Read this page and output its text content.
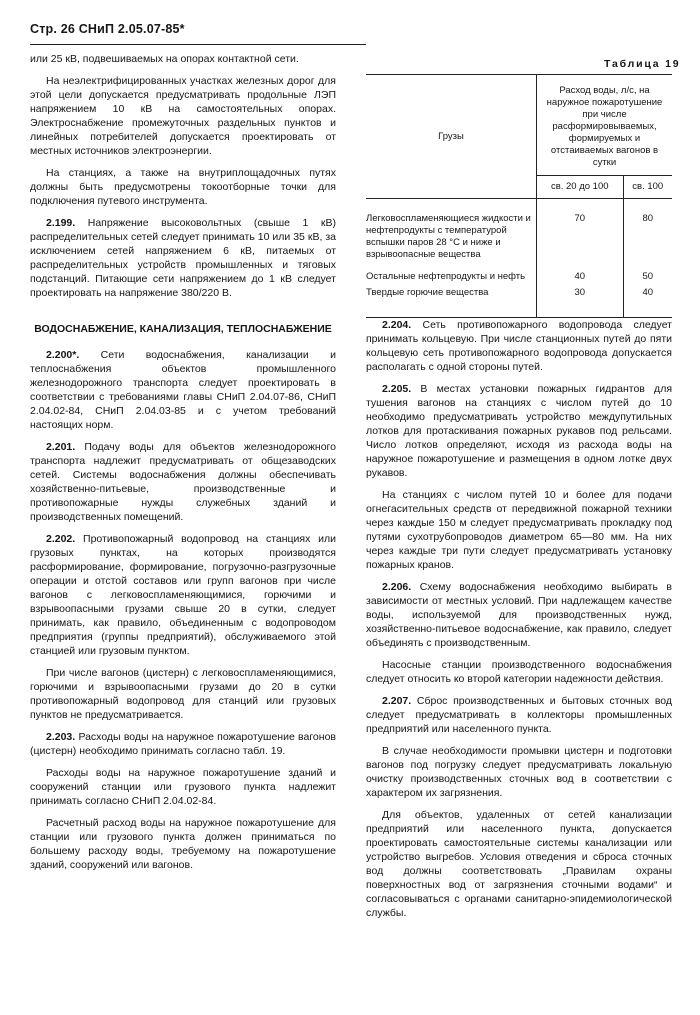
Стр. 26 СНиП 2.05.07-85*

или 25 кВ, подвешиваемых на опорах контактной сети.

На неэлектрифицированных участках железных дорог для этой цели допускается предусматривать продольные ЛЭП напряжением 10 кВ на самостоятельных опорах. Электроснабжение промежуточных раздельных пунктов и линейных потребителей допускается проектировать от местных источников электроэнергии.

На станциях, а также на внутриплощадочных путях должны быть предусмотрены токоотборные точки для подключения путевого инструмента.

2.199. Напряжение высоковольтных (свыше 1 кВ) распределительных сетей следует принимать 10 или 35 кВ, за исключением сетей напряжением 6 кВ, питаемых от распределительных устройств промышленных и тяговых подстанций. Питающие сети напряжением до 1 кВ следует проектировать на напряжение 380/220 В.

ВОДОСНАБЖЕНИЕ, КАНАЛИЗАЦИЯ, ТЕПЛОСНАБЖЕНИЕ

2.200*. Сети водоснабжения, канализации и теплоснабжения объектов промышленного железнодорожного транспорта следует проектировать в соответствии с требованиями главы СНиП 2.04.07-86, СНиП 2.04.02-84, СНиП 2.04.03-85 и с учетом требований настоящих норм.

2.201. Подачу воды для объектов железнодорожного транспорта надлежит предусматривать от общезаводских сетей. Системы водоснабжения должны обеспечивать хозяйственно-питьевые, производственные и противопожарные нужды служебных зданий и производственных помещений.

2.202. Противопожарный водопровод на станциях или грузовых пунктах, на которых производятся расформирование, формирование, погрузочно-разгрузочные операции и отстой составов или групп вагонов при числе вагонов с легковоспламеняющимися, горючими и взрывоопасными грузами свыше 20 в сутки, следует принимать, как правило, объединенным с водопроводом предприятия (группы предприятий), обслуживаемого этой станцией или грузовым пунктом.

При числе вагонов (цистерн) с легковоспламеняющимися, горючими и взрывоопасными грузами до 20 в сутки противопожарный водопровод для станций или грузовых пунктов не предусматривается.

2.203. Расходы воды на наружное пожаротушение вагонов (цистерн) необходимо принимать согласно табл. 19.

Расходы воды на наружное пожаротушение зданий и сооружений станции или грузового пункта надлежит принимать согласно СНиП 2.04.02-84.

Расчетный расход воды на наружное пожаротушение для станции или грузового пункта должен приниматься по большему расходу воды, требуемому на пожаротушение зданий, сооружений или вагонов.

Таблица 19
Грузы	Расход воды, л/с, на наружное пожаротушение при числе расформировываемых, формируемых и отстаиваемых вагонов в сутки	
	св. 20 до 100	св. 100
Легковоспламеняющиеся жидкости и нефтепродукты с температурой вспышки паров 28 °С и ниже и взрывоопасные вещества	70	80
Остальные нефтепродукты и нефть	40	50
Твердые горючие вещества	30	40

2.204. Сеть противопожарного водопровода следует принимать кольцевую. При числе станционных путей до пяти кольцевую сеть противопожарного водопровода допускается располагать с одной стороны путей.

2.205. В местах установки пожарных гидрантов для тушения вагонов на станциях с числом путей до 10 необходимо предусматривать устройство междупутильных лотков для протаскивания пожарных рукавов под рельсами. Число лотков определяют, исходя из расхода воды на наружное пожаротушение и размещения в одном лотке двух рукавов.

На станциях с числом путей 10 и более для подачи огнегасительных средств от передвижной пожарной техники через каждые 150 м следует предусматривать прокладку под путями сухотрубопроводов диаметром 65—80 мм. На них через каждые три пути следует предусматривать установку пожарных кранов.

2.206. Схему водоснабжения необходимо выбирать в зависимости от местных условий. При надлежащем качестве воды, используемой для производственных нужд, хозяйственно-питьевое водоснабжение, как правило, следует объединять с производственным.

Насосные станции производственного водоснабжения следует относить ко второй категории надежности действия.

2.207. Сброс производственных и бытовых сточных вод следует предусматривать в коллекторы промышленных предприятий или населенного пункта.

В случае необходимости промывки цистерн и подготовки вагонов под погрузку следует предусматривать локальную очистку производственных сточных вод в соответствии с характером их загрязнения.

Для объектов, удаленных от сетей канализации предприятий или населенного пункта, допускается проектировать самостоятельные системы канализации или устройство выгребов. Условия отведения и сброса сточных вод должны соответствовать „Правилам охраны поверхностных вод от загрязнения сточными водами“ и согласовываться с органами санитарно-эпидемиологической службы.
